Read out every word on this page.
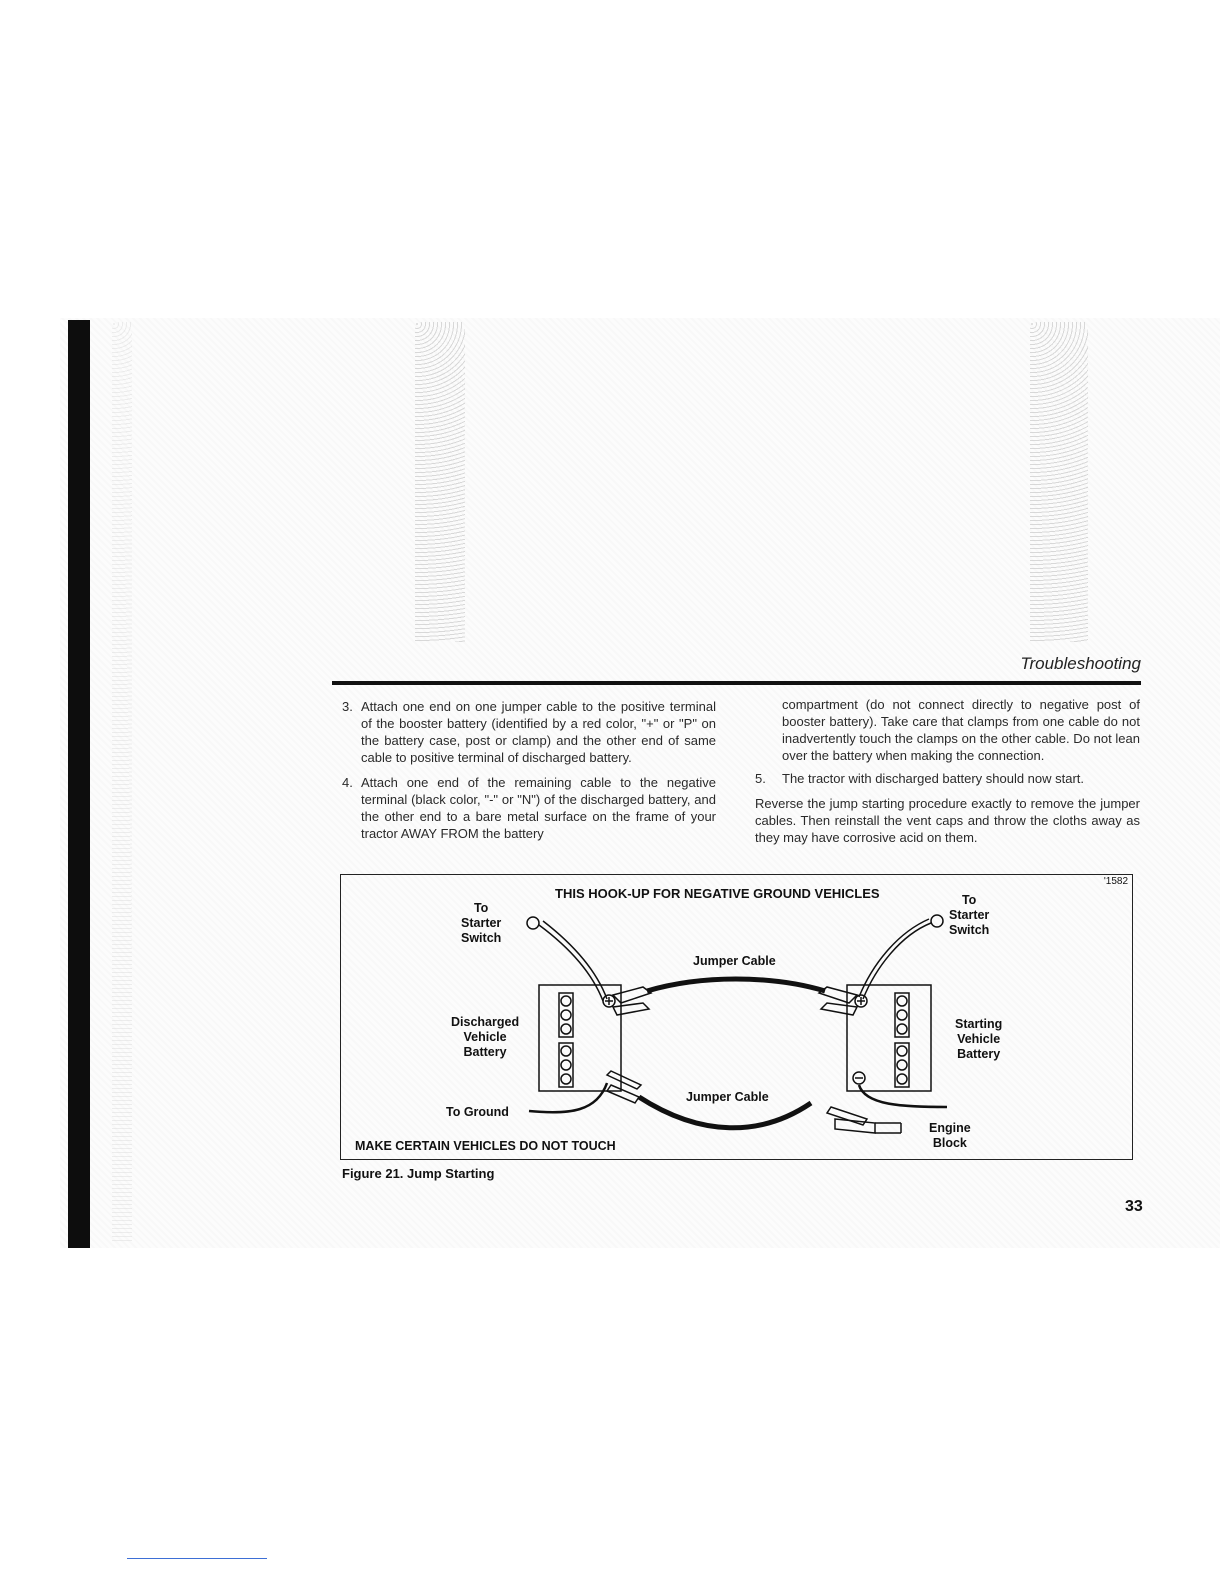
Troubleshooting
3. Attach one end on one jumper cable to the positive terminal of the booster battery (identified by a red color, "+" or "P" on the battery case, post or clamp) and the other end of same cable to positive terminal of discharged battery.
4. Attach one end of the remaining cable to the negative terminal (black color, "-" or "N") of the discharged battery, and the other end to a bare metal surface on the frame of your tractor AWAY FROM the battery
compartment (do not connect directly to negative post of booster battery). Take care that clamps from one cable do not inadvertently touch the clamps on the other cable. Do not lean over the battery when making the connection.
5.	The tractor with discharged battery should now start.
Reverse the jump starting procedure exactly to remove the jumper cables. Then reinstall the vent caps and throw the cloths away as they may have corrosive acid on them.
'1582
THIS HOOK-UP FOR NEGATIVE GROUND VEHICLES
To
Starter
Switch
To
Starter
Switch
Jumper Cable
Jumper Cable
Discharged
Vehicle
Battery
Starting
Vehicle
Battery
To Ground
Engine
Block
MAKE CERTAIN VEHICLES DO NOT TOUCH
Figure 21. Jump Starting
33
